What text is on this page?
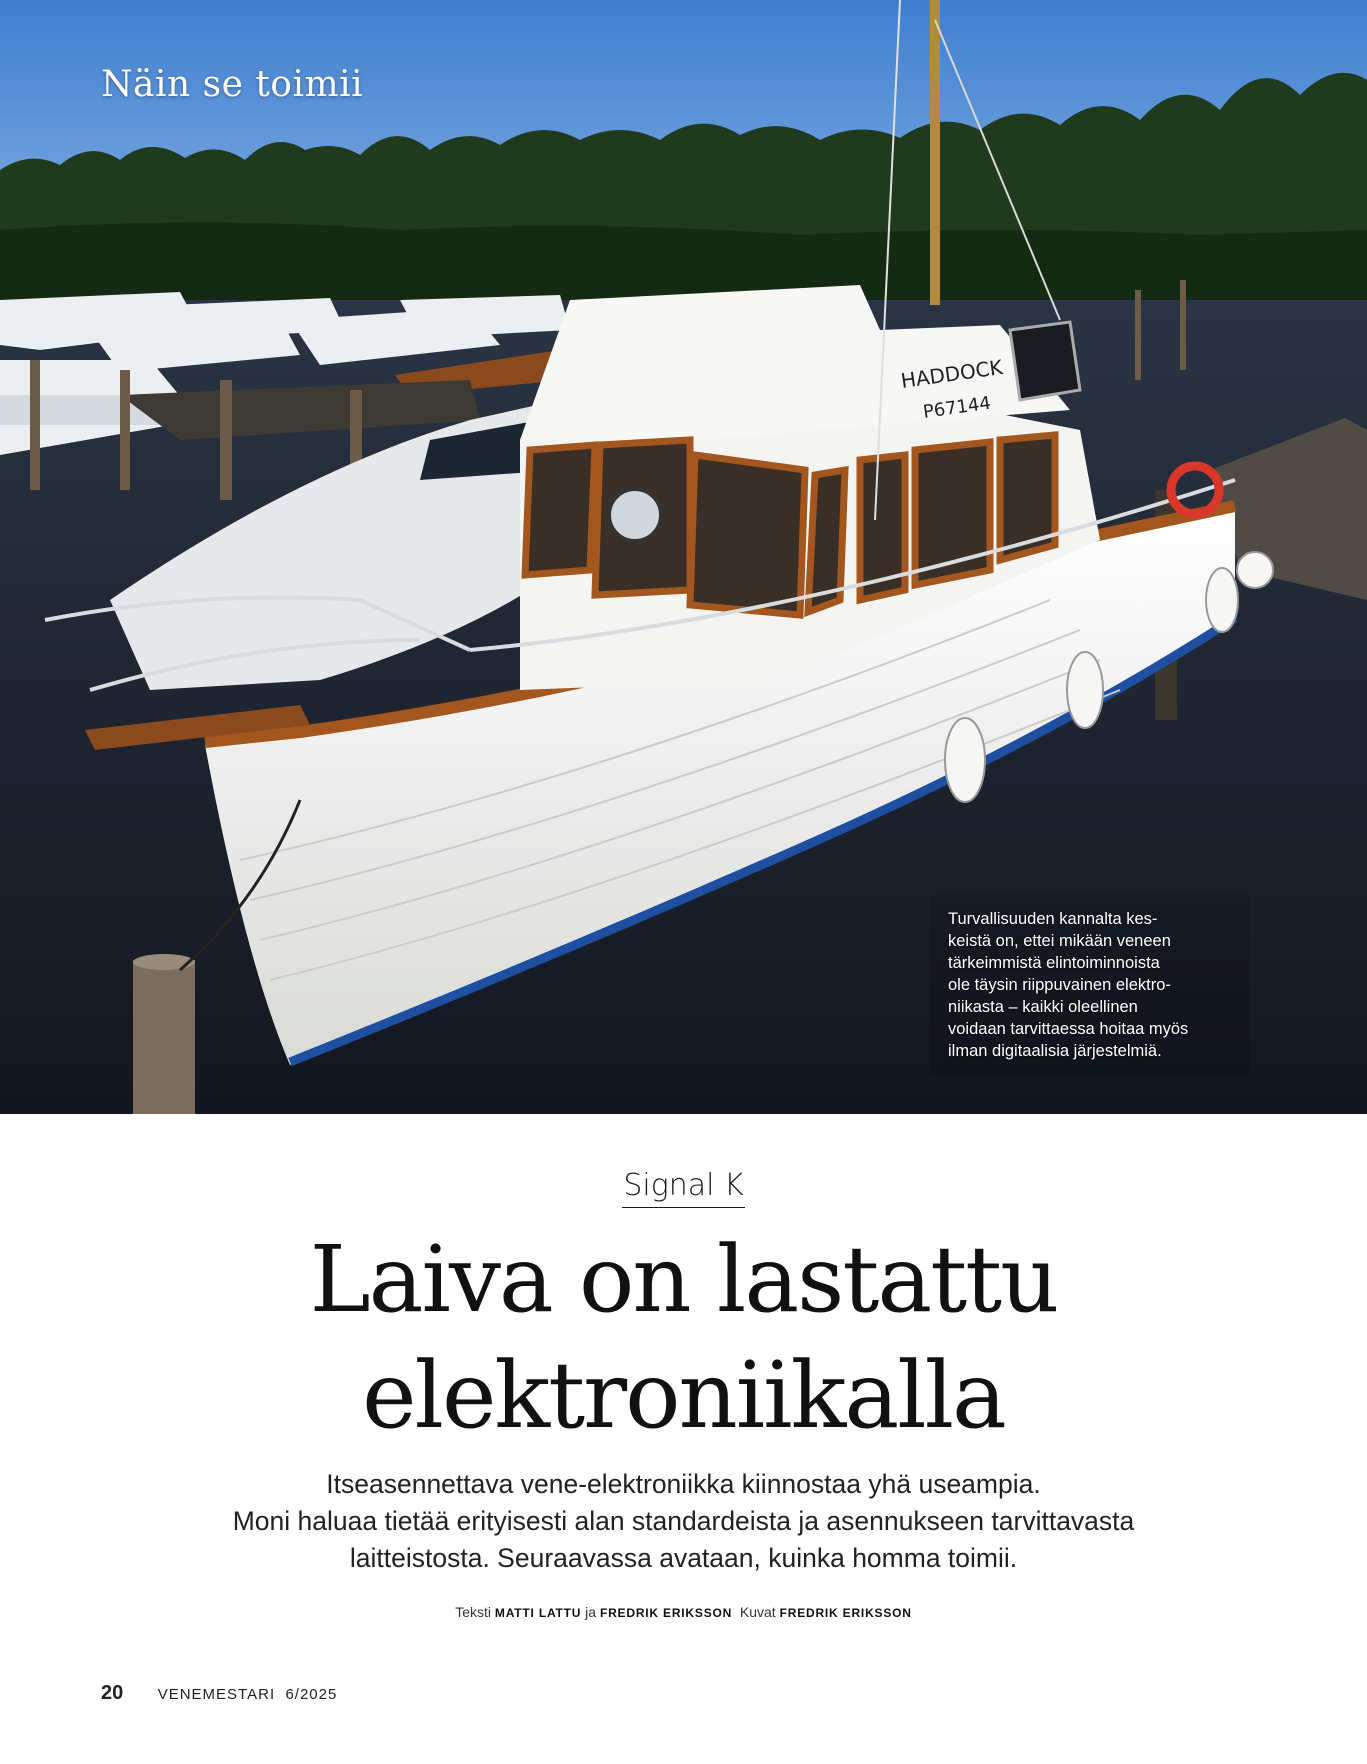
HADDOCK
P67144
Näin se toimii
Turvallisuuden kannalta kes-
keistä on, ettei mikään veneen
tärkeimmistä elintoiminnoista
ole täysin riippuvainen elektro-
niikasta – kaikki oleellinen
voidaan tarvittaessa hoitaa myös
ilman digitaalisia järjestelmiä.
Signal K
Laiva on lastattu
elektroniikalla
Itseasennettava vene-elektroniikka kiinnostaa yhä useampia.
Moni haluaa tietää erityisesti alan standardeista ja asennukseen tarvittavasta
laitteistosta. Seuraavassa avataan, kuinka homma toimii.
Teksti MATTI LATTU ja FREDRIK ERIKSSON Kuvat FREDRIK ERIKSSON
20 VENEMESTARI  6/2025
